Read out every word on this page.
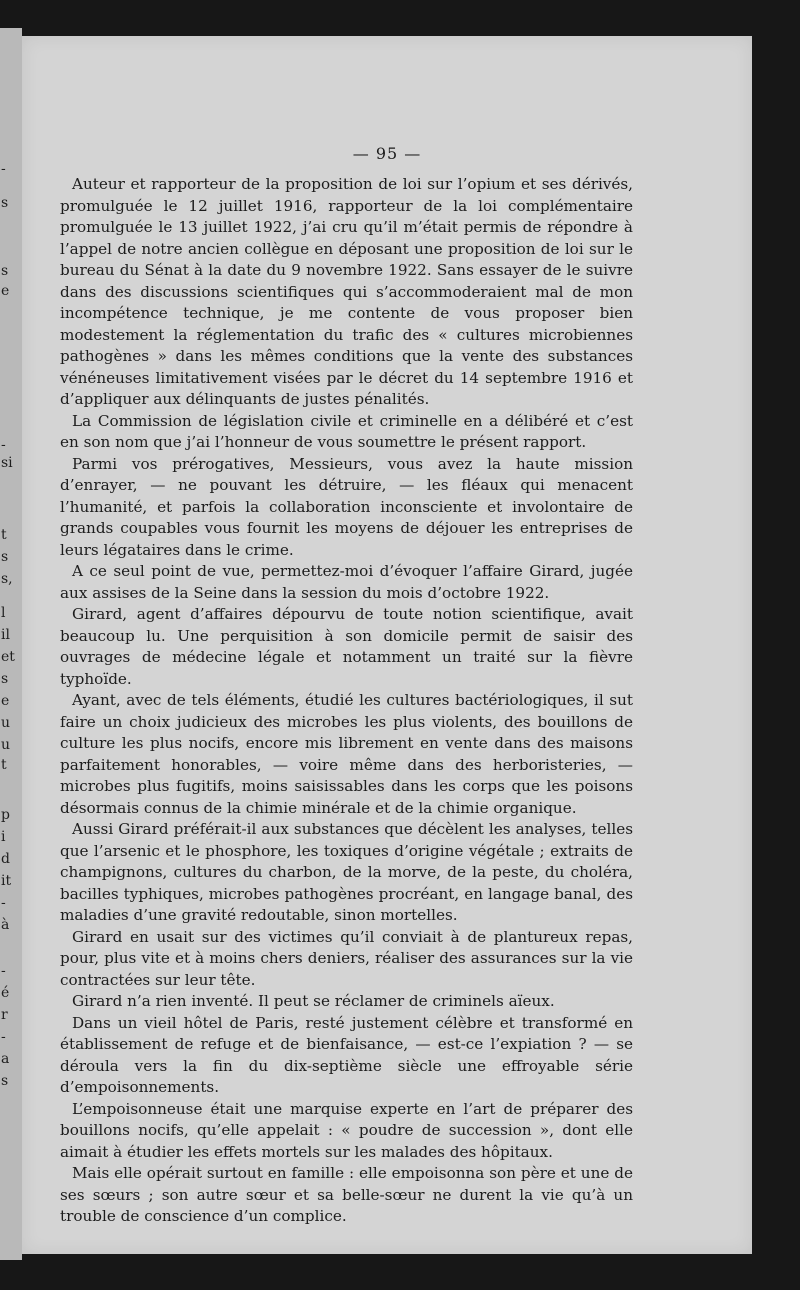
-
s
s
e
-
si
t
s
s,
l
il
et
s
e
u
u
t
p
i
d
it
-
à
-
é
r
-
a
s
— 95 —

Auteur et rapporteur de la proposition de loi sur l’opium et ses dérivés, promulguée le 12 juillet 1916, rapporteur de la loi complémentaire promulguée le 13 juillet 1922, j’ai cru qu’il m’était permis de répondre à l’appel de notre ancien collègue en déposant une proposition de loi sur le bureau du Sénat à la date du 9 novembre 1922. Sans essayer de le suivre dans des discussions scientifiques qui s’accommoderaient mal de mon incompétence technique, je me contente de vous proposer bien modestement la réglementation du trafic des « cultures microbiennes pathogènes » dans les mêmes conditions que la vente des substances vénéneuses limitativement visées par le décret du 14 septembre 1916 et d’appliquer aux délinquants de justes pénalités.

La Commission de législation civile et criminelle en a délibéré et c’est en son nom que j’ai l’honneur de vous soumettre le présent rapport.

Parmi vos prérogatives, Messieurs, vous avez la haute mission d’enrayer, — ne pouvant les détruire, — les fléaux qui menacent l’humanité, et parfois la collaboration inconsciente et involontaire de grands coupables vous fournit les moyens de déjouer les entreprises de leurs légataires dans le crime.

A ce seul point de vue, permettez-moi d’évoquer l’affaire Girard, jugée aux assises de la Seine dans la session du mois d’octobre 1922.

Girard, agent d’affaires dépourvu de toute notion scientifique, avait beaucoup lu. Une perquisition à son domicile permit de saisir des ouvrages de médecine légale et notamment un traité sur la fièvre typhoïde.

Ayant, avec de tels éléments, étudié les cultures bactériologiques, il sut faire un choix judicieux des microbes les plus violents, des bouillons de culture les plus nocifs, encore mis librement en vente dans des maisons parfaitement honorables, — voire même dans des herboristeries, — microbes plus fugitifs, moins saisissables dans les corps que les poisons désormais connus de la chimie minérale et de la chimie organique.

Aussi Girard préférait-il aux substances que décèlent les analyses, telles que l’arsenic et le phosphore, les toxiques d’origine végétale ; extraits de champignons, cultures du charbon, de la morve, de la peste, du choléra, bacilles typhiques, microbes pathogènes procréant, en langage banal, des maladies d’une gravité redoutable, sinon mortelles.

Girard en usait sur des victimes qu’il conviait à de plantureux repas, pour, plus vite et à moins chers deniers, réaliser des assurances sur la vie contractées sur leur tête.

Girard n’a rien inventé. Il peut se réclamer de criminels aïeux.

Dans un vieil hôtel de Paris, resté justement célèbre et transformé en établissement de refuge et de bienfaisance, — est-ce l’expiation ? — se déroula vers la fin du dix-septième siècle une effroyable série d’empoisonnements.

L’empoisonneuse était une marquise experte en l’art de préparer des bouillons nocifs, qu’elle appelait : « poudre de succession », dont elle aimait à étudier les effets mortels sur les malades des hôpitaux.

Mais elle opérait surtout en famille : elle empoisonna son père et une de ses sœurs ; son autre sœur et sa belle-sœur ne durent la vie qu’à un trouble de conscience d’un complice.
